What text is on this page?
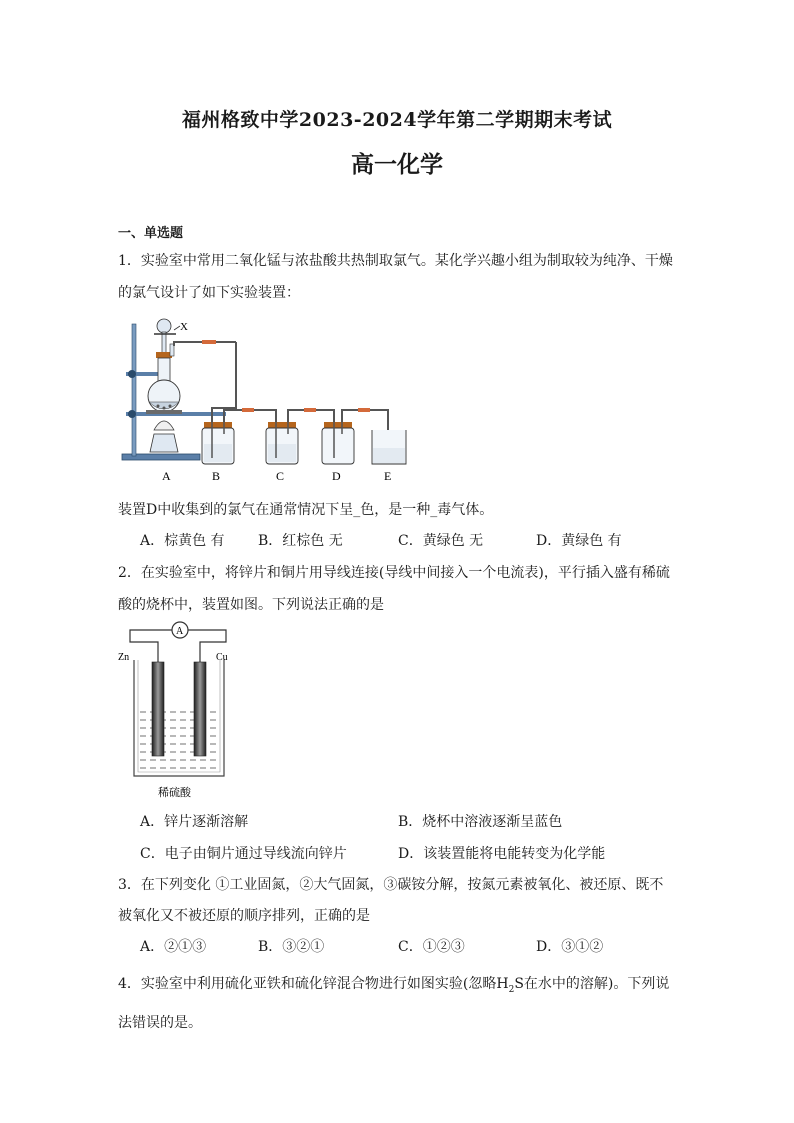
福州格致中学2023-2024学年第二学期期末考试
高一化学
一、单选题
1．实验室中常用二氧化锰与浓盐酸共热制取氯气。某化学兴趣小组为制取较为纯净、干燥
的氯气设计了如下实验装置：
X
A	B	C	D	E
装置D中收集到的氯气在通常情况下呈_色，是一种_毒气体。
A．棕黄色 有 B．红棕色 无	C．黄绿色 无	D．黄绿色 有
2．在实验室中，将锌片和铜片用导线连接(导线中间接入一个电流表)，平行插入盛有稀硫
酸的烧杯中，装置如图。下列说法正确的是
A
Zn	Cu
稀硫酸
A．锌片逐渐溶解	B．烧杯中溶液逐渐呈蓝色
C．电子由铜片通过导线流向锌片	D．该装置能将电能转变为化学能
3．在下列变化 ①工业固氮，②大气固氮，③碳铵分解，按氮元素被氧化、被还原、既不
被氧化又不被还原的顺序排列，正确的是
A．②①③	B．③②①	C．①②③	D．③①②
4．实验室中利用硫化亚铁和硫化锌混合物进行如图实验(忽略$H_2S$在水中的溶解)。下列说
法错误的是。
